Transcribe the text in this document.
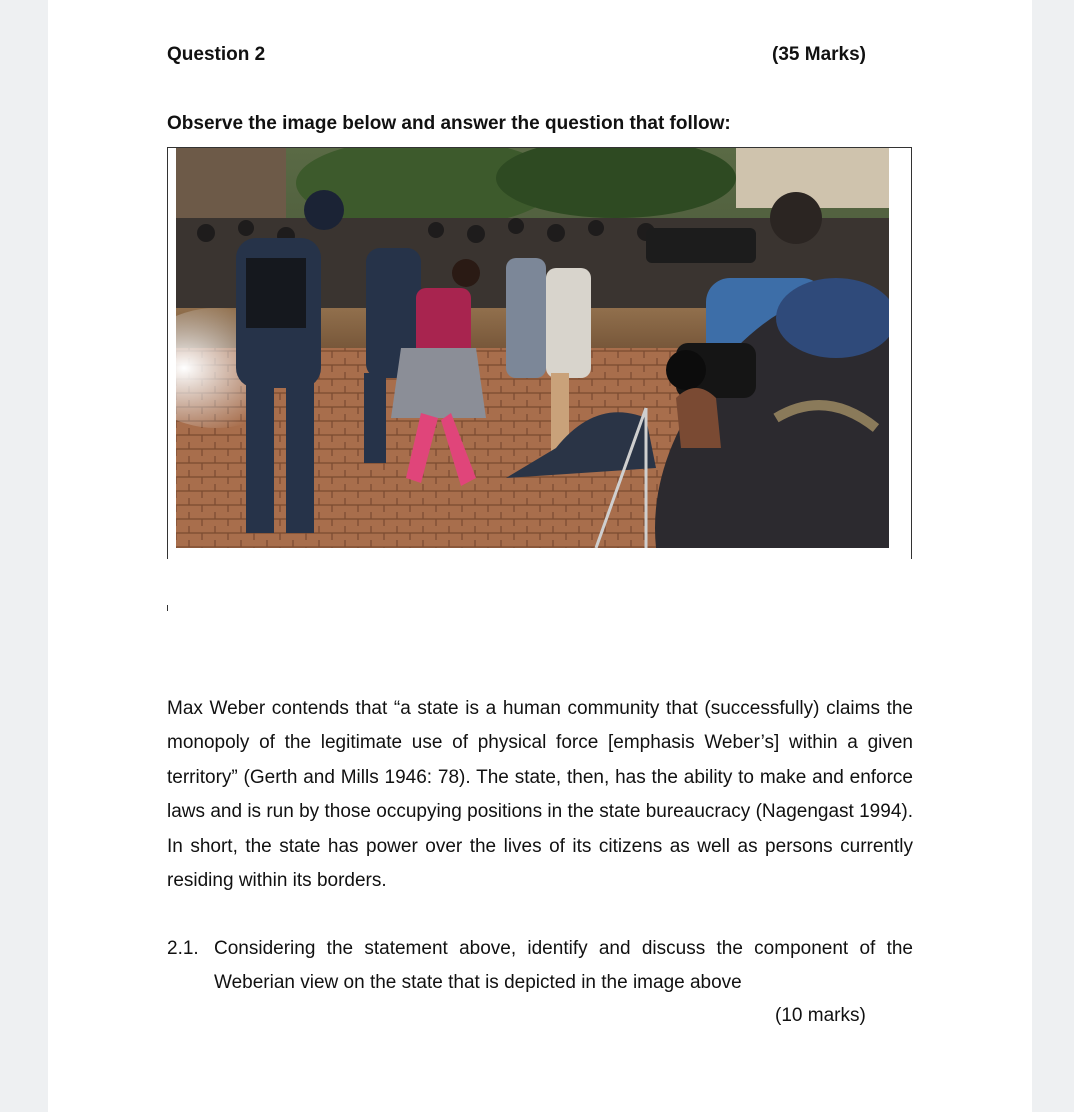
Question 2	(35 Marks)
Observe the image below and answer the question that follow:

Max Weber contends that “a state is a human community that (successfully) claims the monopoly of the legitimate use of physical force [emphasis Weber’s] within a given territory” (Gerth and Mills 1946: 78). The state, then, has the ability to make and enforce laws and is run by those occupying positions in the state bureaucracy (Nagengast 1994). In short, the state has power over the lives of its citizens as well as persons currently residing within its borders.

2.1. Considering the statement above, identify and discuss the component of the Weberian view on the state that is depicted in the image above

(10 marks)
